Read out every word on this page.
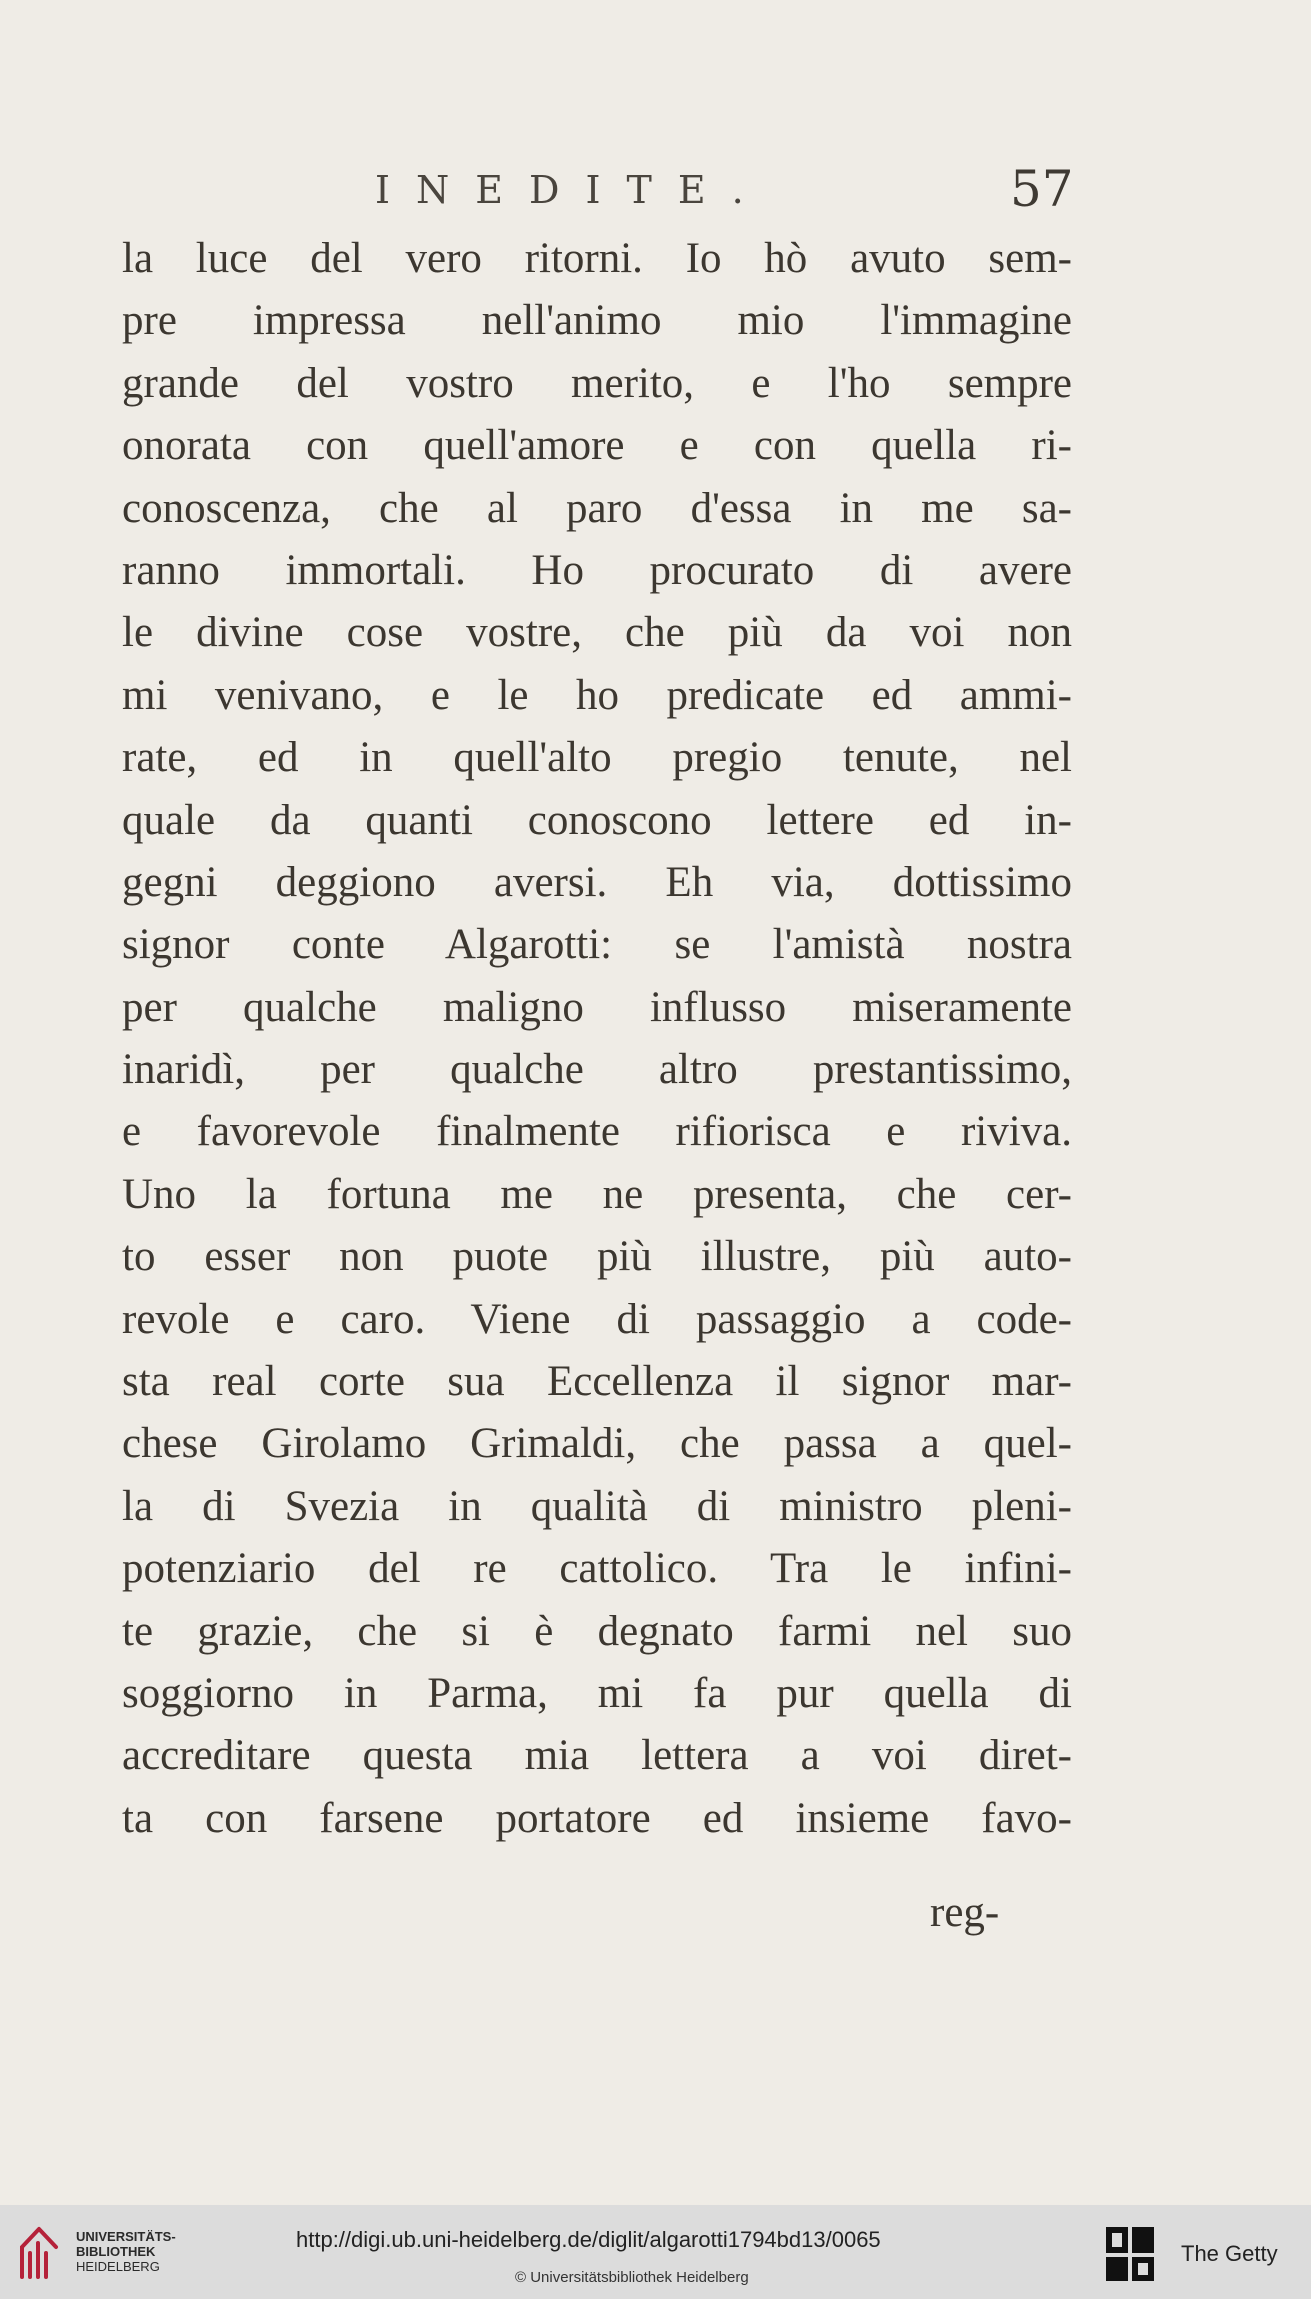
INEDITE.	57
la luce del vero ritorni. Io hò avuto sem-
pre impressa nell'animo mio l'immagine
grande del vostro merito, e l'ho sempre
onorata con quell'amore e con quella ri-
conoscenza, che al paro d'essa in me sa-
ranno immortali. Ho procurato di avere
le divine cose vostre, che più da voi non
mi venivano, e le ho predicate ed ammi-
rate, ed in quell'alto pregio tenute, nel
quale da quanti conoscono lettere ed in-
gegni deggiono aversi. Eh via, dottissimo
signor conte Algarotti: se l'amistà nostra
per qualche maligno influsso miseramente
inaridì, per qualche altro prestantissimo,
e favorevole finalmente rifiorisca e riviva.
Uno la fortuna me ne presenta, che cer-
to esser non puote più illustre, più auto-
revole e caro. Viene di passaggio a code-
sta real corte sua Eccellenza il signor mar-
chese Girolamo Grimaldi, che passa a quel-
la di Svezia in qualità di ministro pleni-
potenziario del re cattolico. Tra le infini-
te grazie, che si è degnato farmi nel suo
soggiorno in Parma, mi fa pur quella di
accreditare questa mia lettera a voi diret-
ta con farsene portatore ed insieme favo-
reg-
UNIVERSITÄTS-
BIBLIOTHEK
HEIDELBERG
http://digi.ub.uni-heidelberg.de/diglit/algarotti1794bd13/0065
© Universitätsbibliothek Heidelberg
The Getty
